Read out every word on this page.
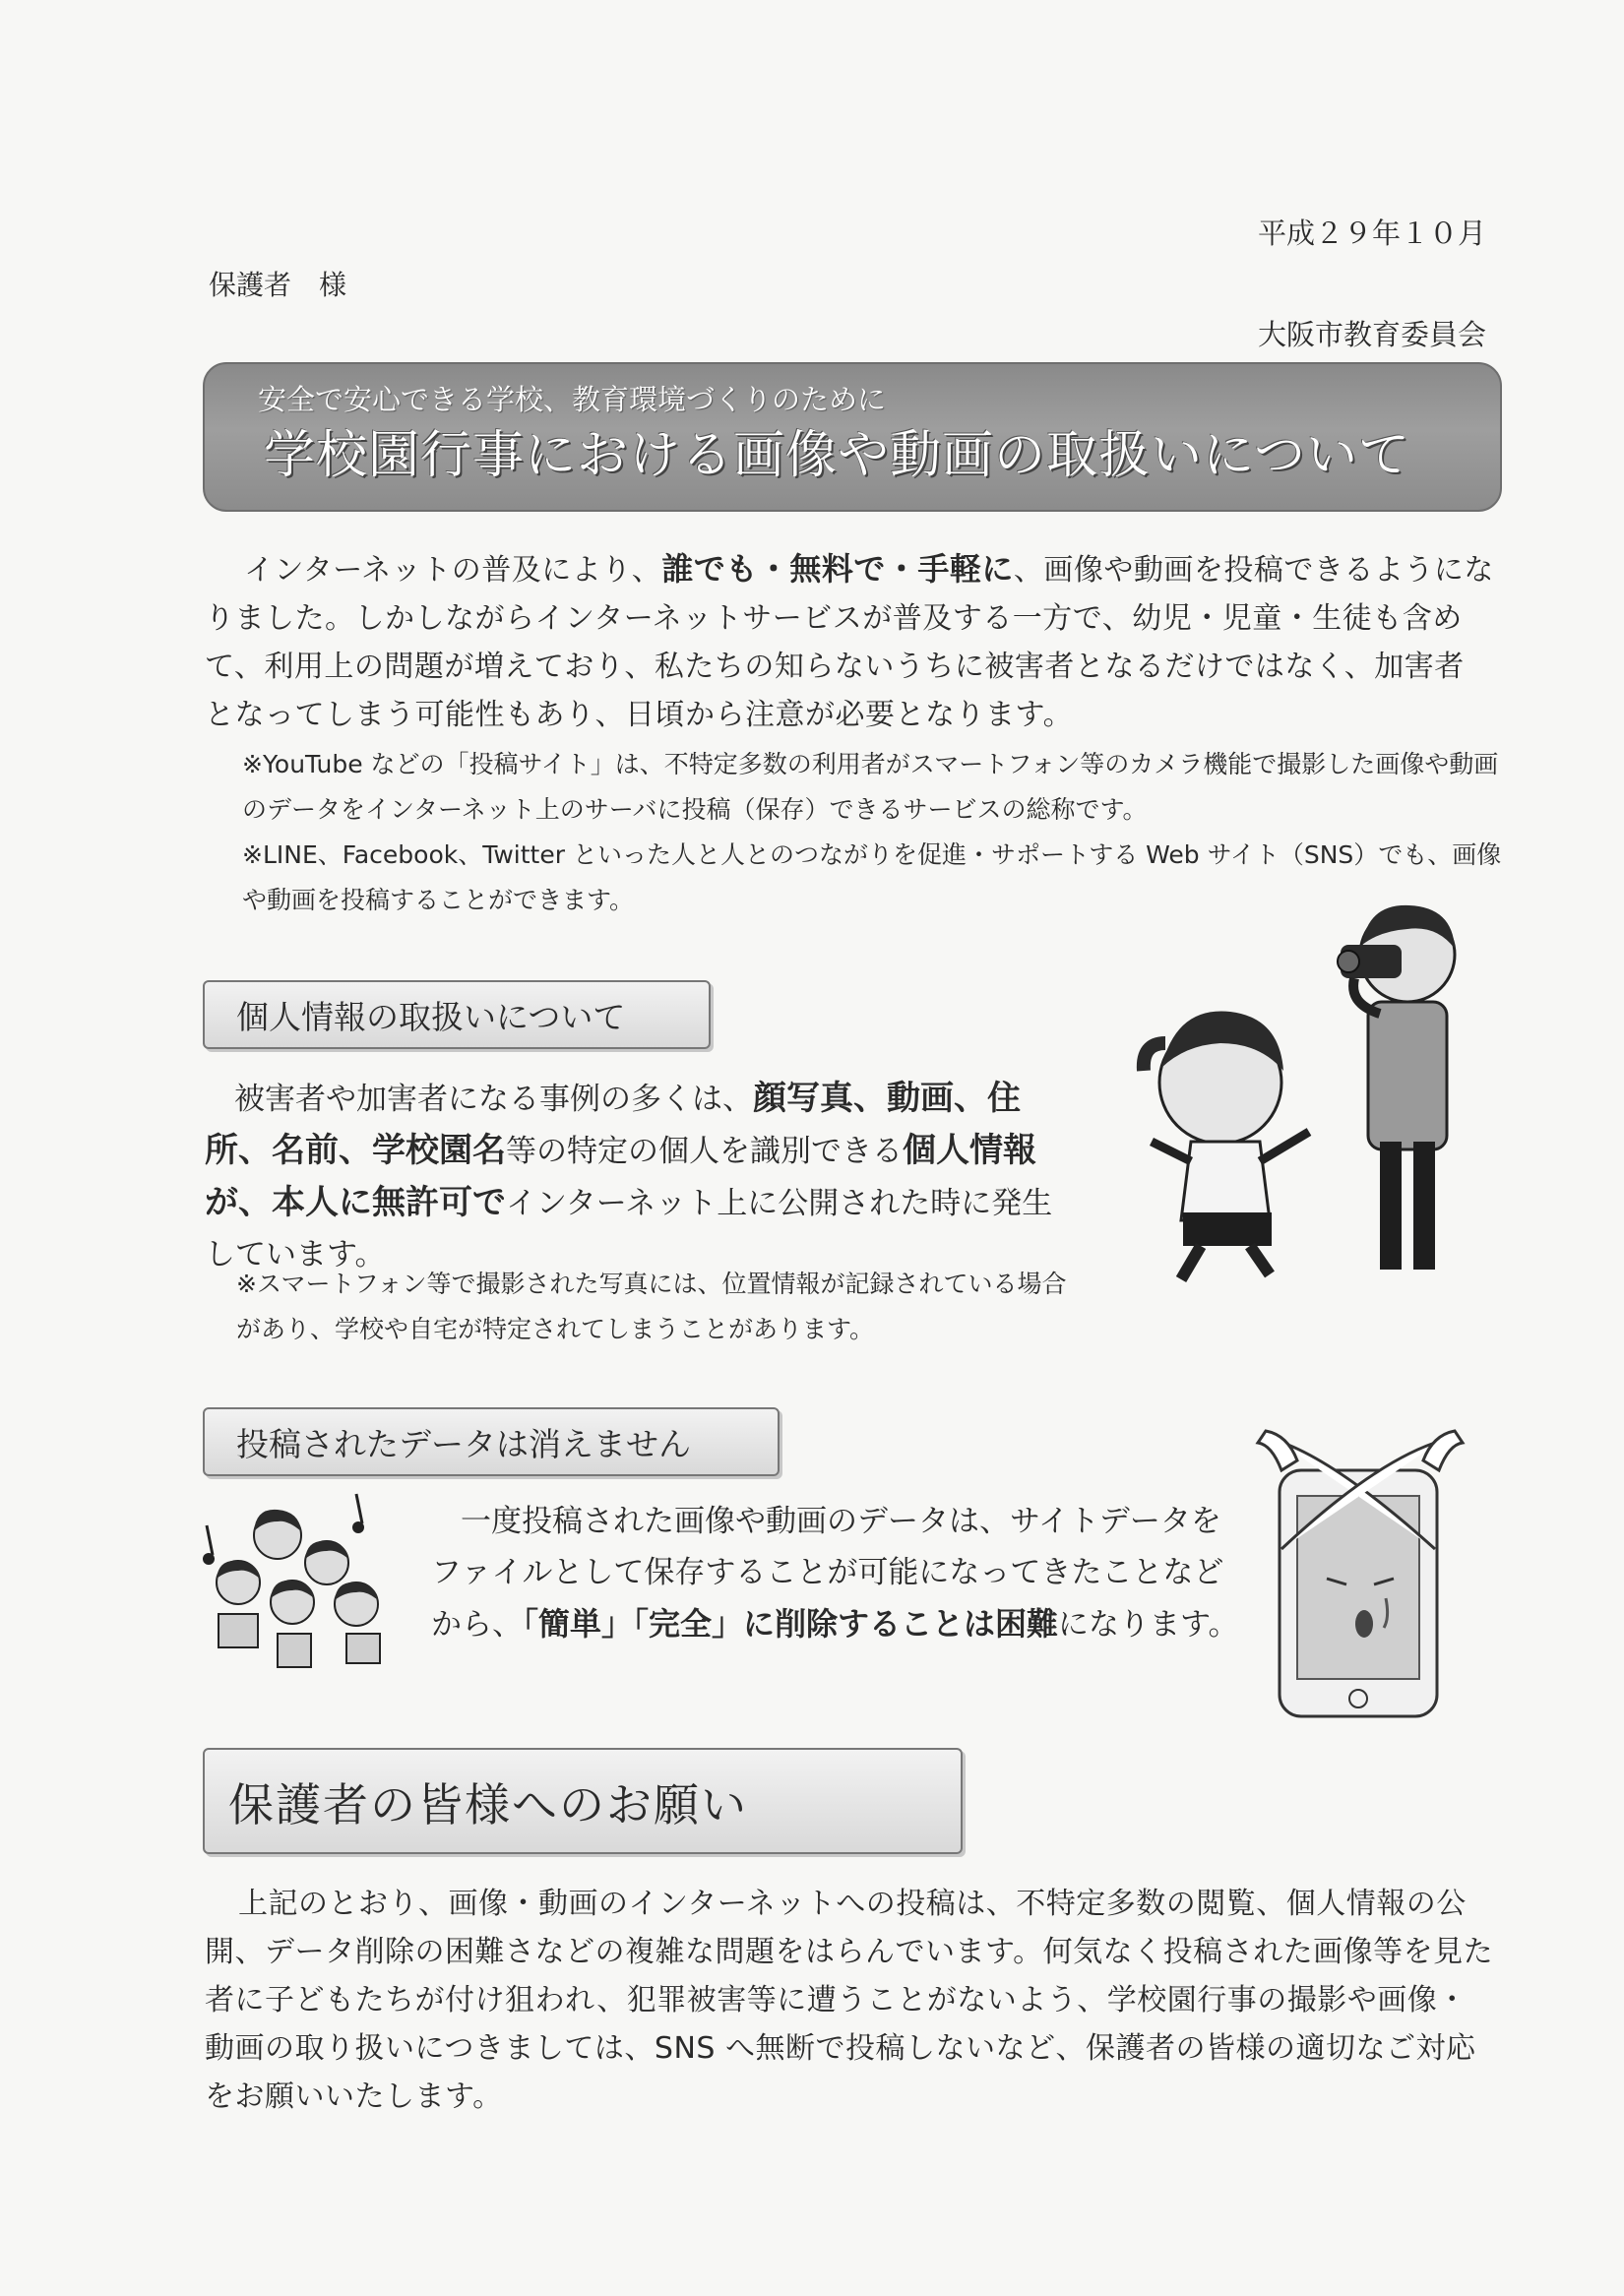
平成２９年１０月
保護者　様
大阪市教育委員会
安全で安心できる学校、教育環境づくりのために
学校園行事における画像や動画の取扱いについて
インターネットの普及により、誰でも・無料で・手軽に、画像や動画を投稿できるようになりました。しかしながらインターネットサービスが普及する一方で、幼児・児童・生徒も含めて、利用上の問題が増えており、私たちの知らないうちに被害者となるだけではなく、加害者となってしまう可能性もあり、日頃から注意が必要となります。
※YouTube などの「投稿サイト」は、不特定多数の利用者がスマートフォン等のカメラ機能で撮影した画像や動画のデータをインターネット上のサーバに投稿（保存）できるサービスの総称です。
※LINE、Facebook、Twitter といった人と人とのつながりを促進・サポートする Web サイト（SNS）でも、画像や動画を投稿することができます。
個人情報の取扱いについて
被害者や加害者になる事例の多くは、顔写真、動画、住所、名前、学校園名等の特定の個人を識別できる個人情報が、本人に無許可でインターネット上に公開された時に発生しています。
※スマートフォン等で撮影された写真には、位置情報が記録されている場合があり、学校や自宅が特定されてしまうことがあります。
投稿されたデータは消えません
一度投稿された画像や動画のデータは、サイトデータをファイルとして保存することが可能になってきたことなどから、「簡単」「完全」に削除することは困難になります。
保護者の皆様へのお願い
上記のとおり、画像・動画のインターネットへの投稿は、不特定多数の閲覧、個人情報の公開、データ削除の困難さなどの複雑な問題をはらんでいます。何気なく投稿された画像等を見た者に子どもたちが付け狙われ、犯罪被害等に遭うことがないよう、学校園行事の撮影や画像・動画の取り扱いにつきましては、SNS へ無断で投稿しないなど、保護者の皆様の適切なご対応をお願いいたします。
